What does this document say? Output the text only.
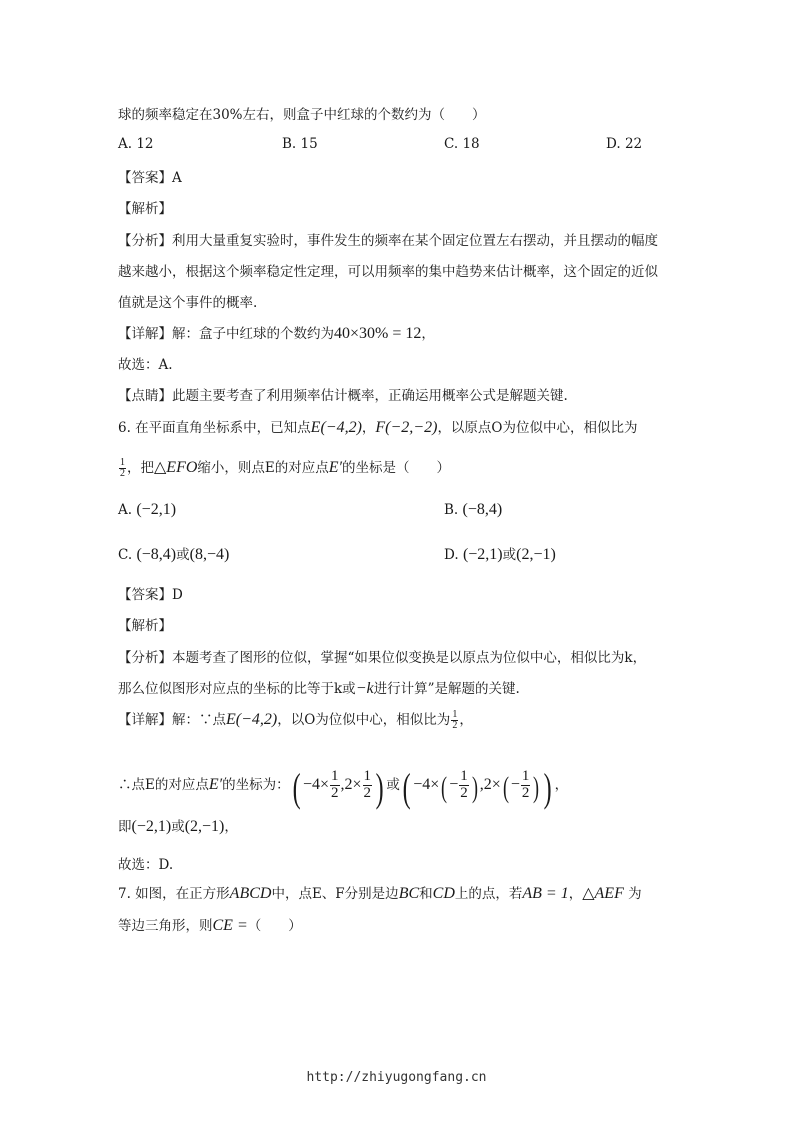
球的频率稳定在30%左右，则盒子中红球的个数约为（　　）
A. 12	B. 15	C. 18	D. 22
【答案】A
【解析】
【分析】利用大量重复实验时，事件发生的频率在某个固定位置左右摆动，并且摆动的幅度
越来越小，根据这个频率稳定性定理，可以用频率的集中趋势来估计概率，这个固定的近似
值就是这个事件的概率.
【详解】解：盒子中红球的个数约为40×30% = 12，
故选：A.
【点睛】此题主要考查了利用频率估计概率，正确运用概率公式是解题关键.
6. 在平面直角坐标系中，已知点E(−4,2)，F(−2,−2)，以原点O为位似中心，相似比为
$\frac{1}{2}$ ，把△EFO缩小，则点E的对应点E′的坐标是（　　）
A. (−2,1)	B. (−8,4)
C. (−8,4)或(8,−4)	D. (−2,1)或(2,−1)
【答案】D
【解析】
【分析】本题考查了图形的位似，掌握“如果位似变换是以原点为位似中心，相似比为k，
那么位似图形对应点的坐标的比等于k或−k进行计算”是解题的关键.
【详解】解：∵点E(−4,2)，以O为位似中心，相似比为 $\frac{1}{2}$ ，
∴点E的对应点E′的坐标为：( $-4\times \frac{1}{2} ,2\times \frac{1}{2}$ ) 或( $-4\times( - \frac{1}{2}$ ) $,2\times( - \frac{1}{2}$ ) ) ，
即(−2,1)或(2,−1)，
故选：D.
7. 如图，在正方形ABCD中，点E、F分别是边BC和CD上的点，若AB = 1，△AEF 为
等边三角形，则CE =（　　）
http://zhiyugongfang.cn
